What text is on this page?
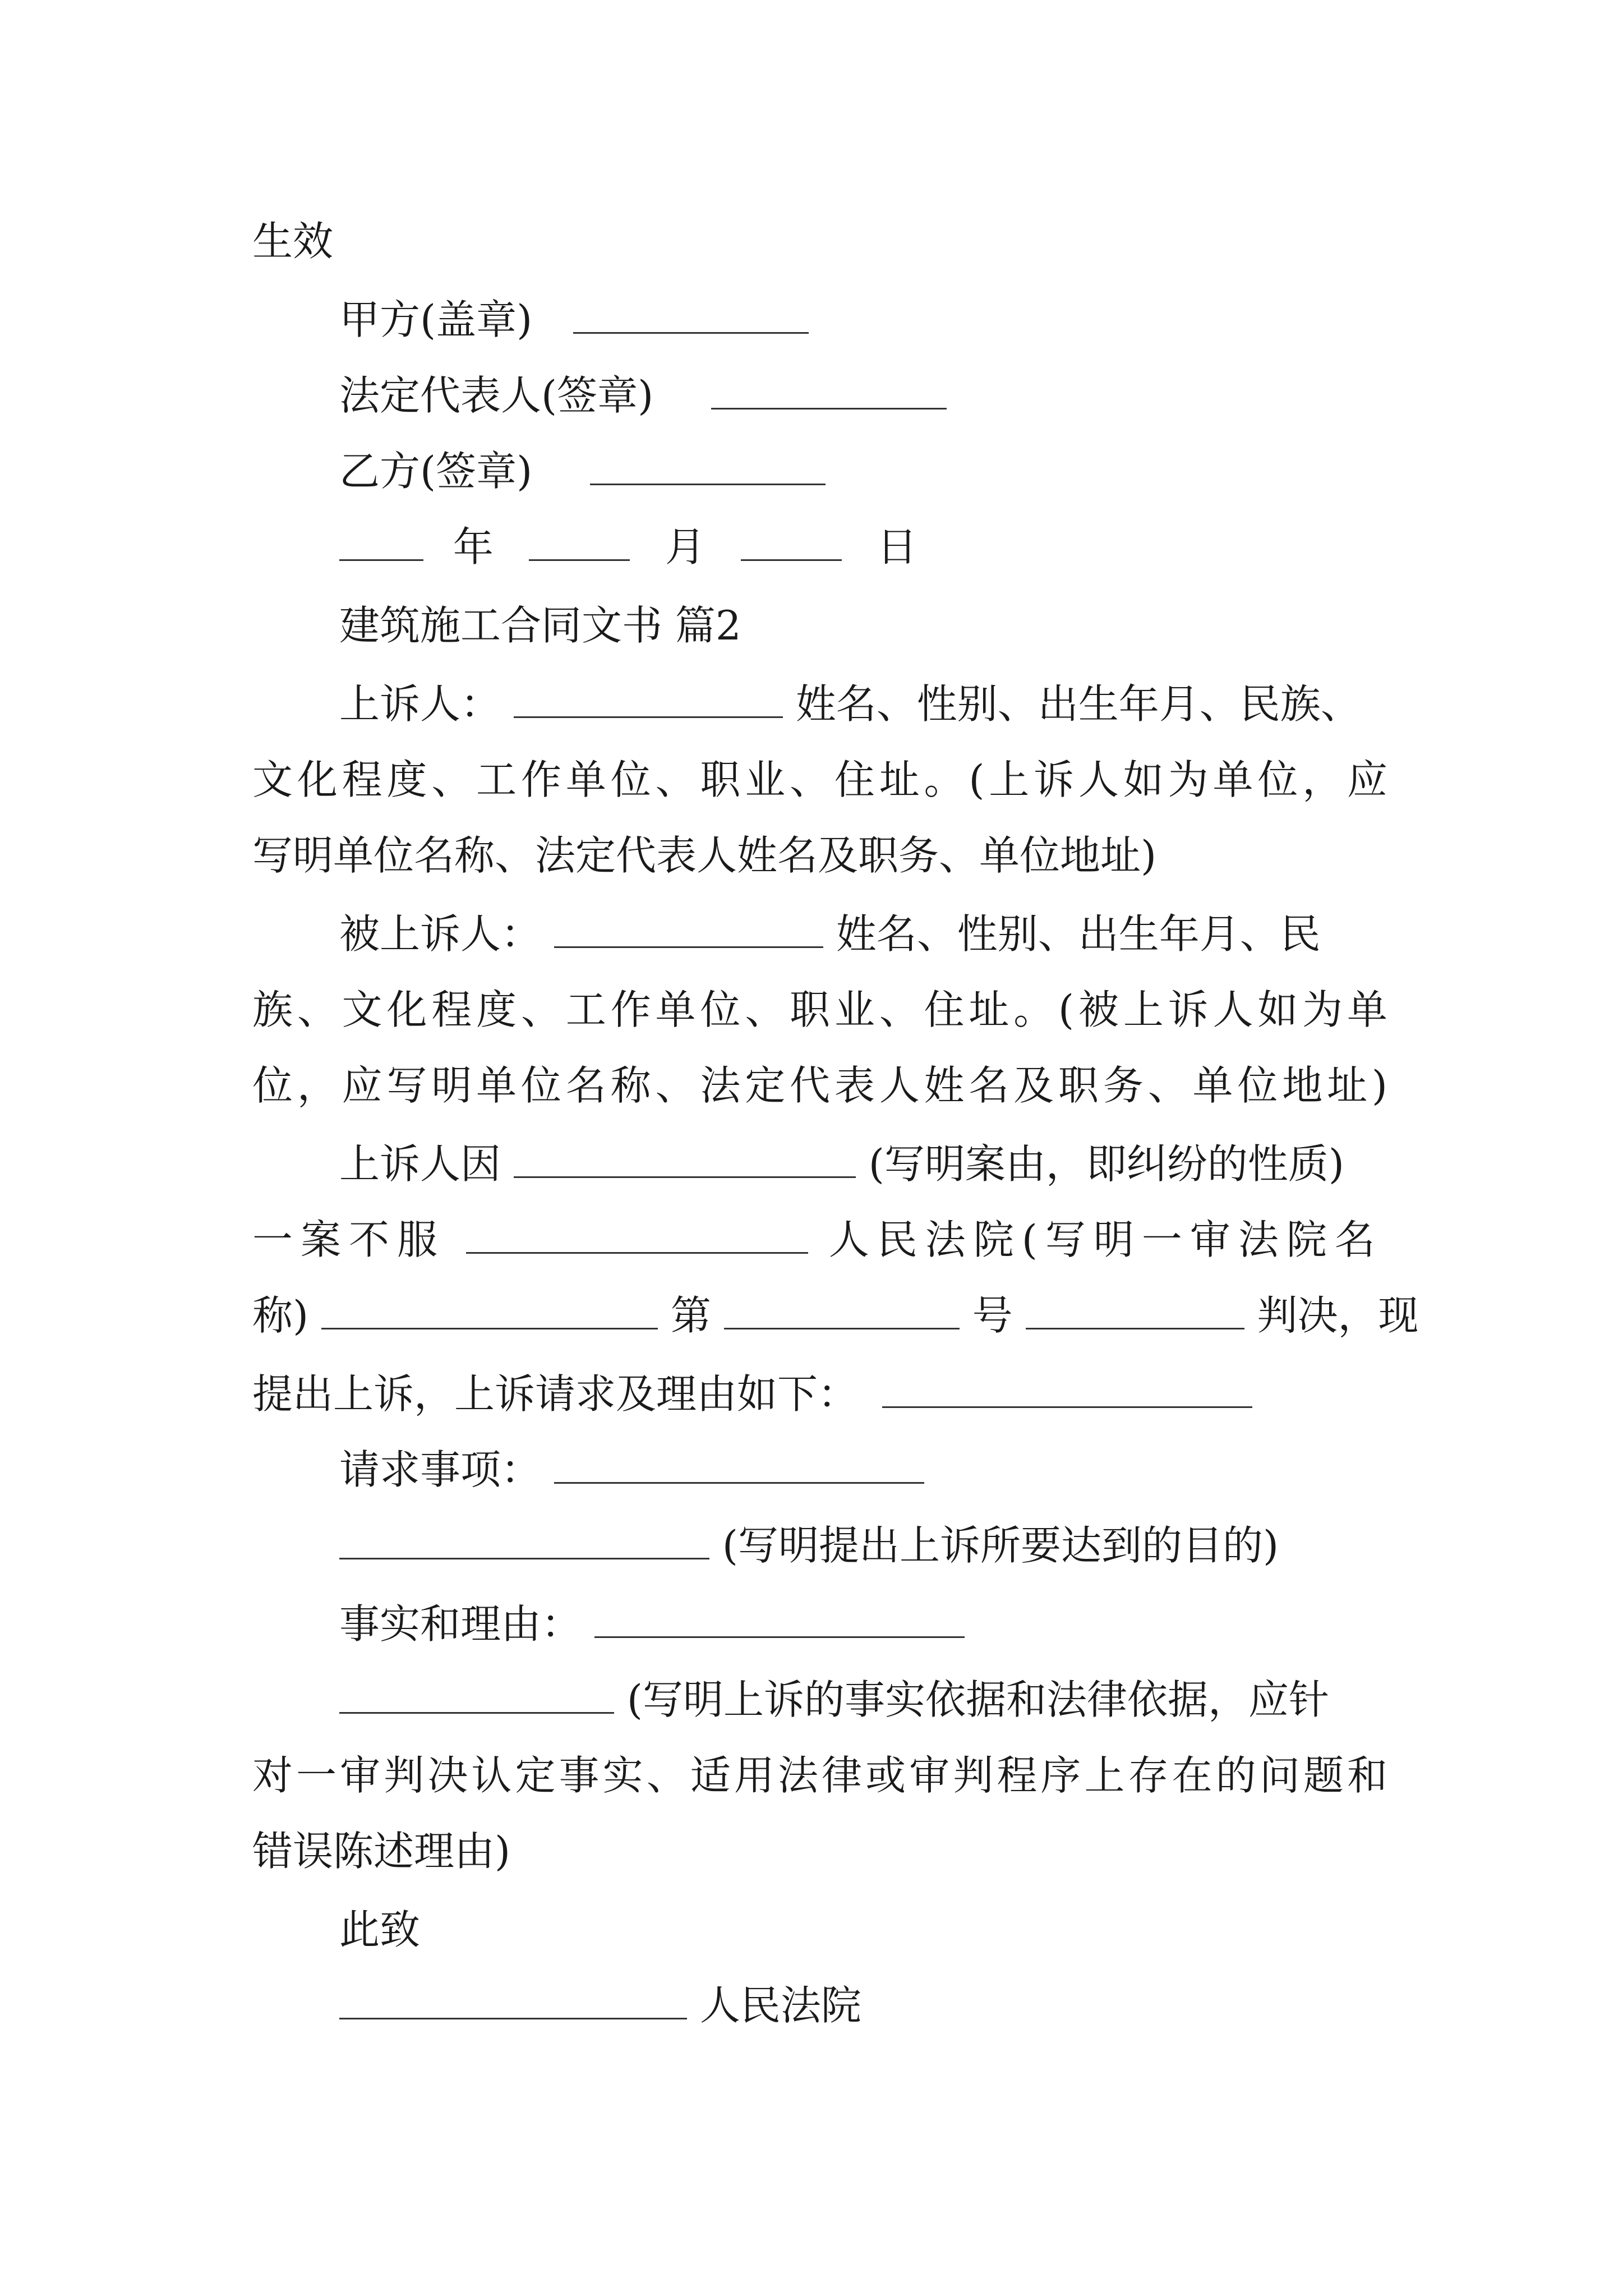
生效
甲方(盖章)
法定代表人(签章)
乙方(签章)
年	月	日
建筑施工合同文书 篇2
上诉人：	姓名、性别、出生年月、民族、
文化程度、工作单位、职业、住址。(上诉人如为单位，应
写明单位名称、法定代表人姓名及职务、单位地址)
被上诉人：	姓名、性别、出生年月、民
族、文化程度、工作单位、职业、住址。(被上诉人如为单
位，应写明单位名称、法定代表人姓名及职务、单位地址)
上诉人因	(写明案由，即纠纷的性质)
一案不服	人民法院(写明一审法院名
称)	第	号	判决，现
提出上诉，上诉请求及理由如下：
请求事项：
(写明提出上诉所要达到的目的)
事实和理由：
(写明上诉的事实依据和法律依据，应针
对一审判决认定事实、适用法律或审判程序上存在的问题和
错误陈述理由)
此致
人民法院
